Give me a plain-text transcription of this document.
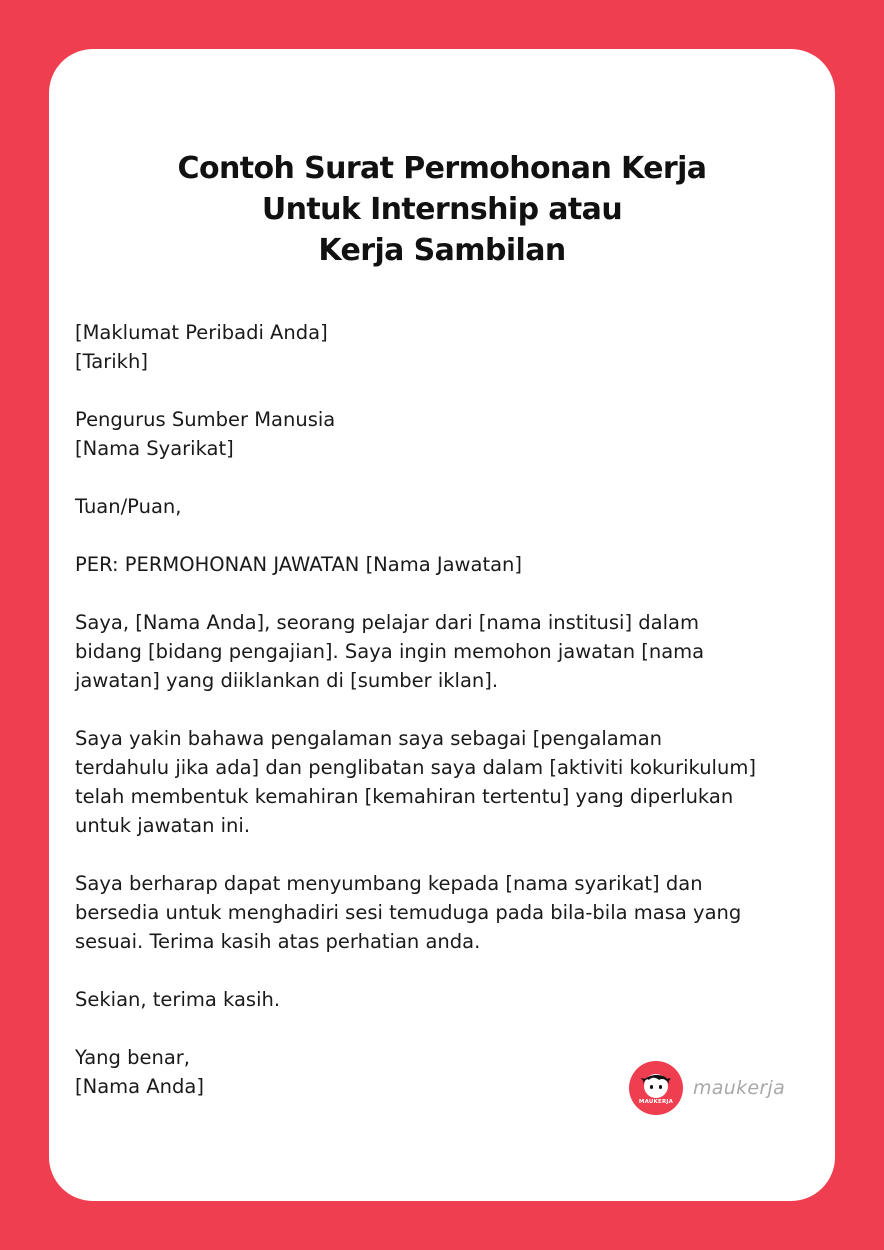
Contoh Surat Permohonan Kerja
Untuk Internship atau
Kerja Sambilan
[Maklumat Peribadi Anda]
[Tarikh]
Pengurus Sumber Manusia
[Nama Syarikat]
Tuan/Puan,
PER: PERMOHONAN JAWATAN [Nama Jawatan]
Saya, [Nama Anda], seorang pelajar dari [nama institusi] dalam
bidang [bidang pengajian]. Saya ingin memohon jawatan [nama
jawatan] yang diiklankan di [sumber iklan].
Saya yakin bahawa pengalaman saya sebagai [pengalaman
terdahulu jika ada] dan penglibatan saya dalam [aktiviti kokurikulum]
telah membentuk kemahiran [kemahiran tertentu] yang diperlukan
untuk jawatan ini.
Saya berharap dapat menyumbang kepada [nama syarikat] dan
bersedia untuk menghadiri sesi temuduga pada bila-bila masa yang
sesuai. Terima kasih atas perhatian anda.
Sekian, terima kasih.
Yang benar,
[Nama Anda]
MAUKERJA
maukerja
